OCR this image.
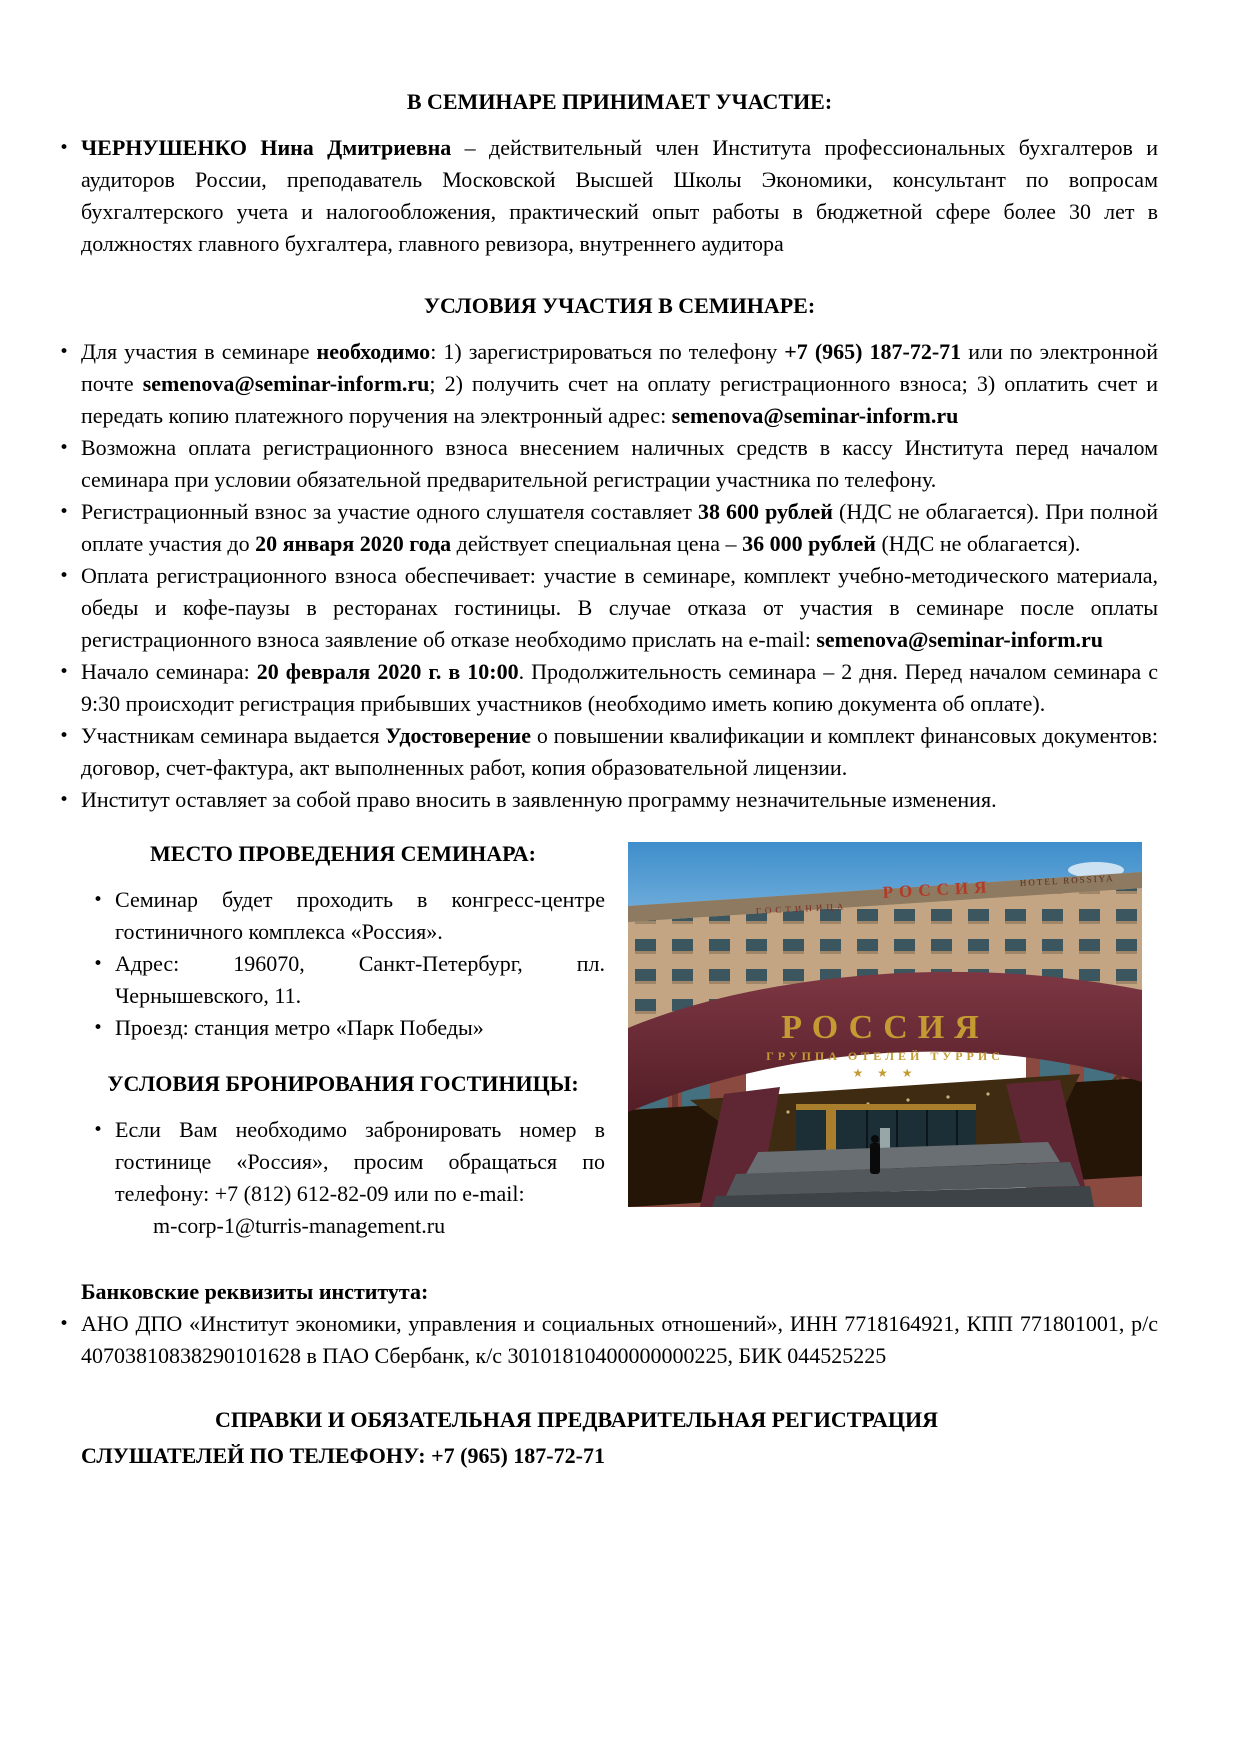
В СЕМИНАРЕ ПРИНИМАЕТ УЧАСТИЕ:
• ЧЕРНУШЕНКО Нина Дмитриевна – действительный член Института профессиональных бухгалтеров и аудиторов России, преподаватель Московской Высшей Школы Экономики, консультант по вопросам бухгалтерского учета и налогообложения, практический опыт работы в бюджетной сфере более 30 лет в должностях главного бухгалтера, главного ревизора, внутреннего аудитора
УСЛОВИЯ УЧАСТИЯ В СЕМИНАРЕ:
• Для участия в семинаре необходимо: 1) зарегистрироваться по телефону +7 (965) 187-72-71 или по электронной почте semenova@seminar-inform.ru; 2) получить счет на оплату регистрационного взноса; 3) оплатить счет и передать копию платежного поручения на электронный адрес: semenova@seminar-inform.ru
• Возможна оплата регистрационного взноса внесением наличных средств в кассу Института перед началом семинара при условии обязательной предварительной регистрации участника по телефону.
• Регистрационный взнос за участие одного слушателя составляет 38 600 рублей (НДС не облагается). При полной оплате участия до 20 января 2020 года действует специальная цена – 36 000 рублей (НДС не облагается).
• Оплата регистрационного взноса обеспечивает: участие в семинаре, комплект учебно-методического материала, обеды и кофе-паузы в ресторанах гостиницы. В случае отказа от участия в семинаре после оплаты регистрационного взноса заявление об отказе необходимо прислать на e-mail: semenova@seminar-inform.ru
• Начало семинара: 20 февраля 2020 г. в 10:00. Продолжительность семинара – 2 дня. Перед началом семинара с 9:30 происходит регистрация прибывших участников (необходимо иметь копию документа об оплате).
• Участникам семинара выдается Удостоверение о повышении квалификации и комплект финансовых документов: договор, счет-фактура, акт выполненных работ, копия образовательной лицензии.
• Институт оставляет за собой право вносить в заявленную программу незначительные изменения.
МЕСТО ПРОВЕДЕНИЯ СЕМИНАРА:
• Семинар будет проходить в конгресс-центре гостиничного комплекса «Россия».
• Адрес: 196070, Санкт-Петербург, пл. Чернышевского, 11.
• Проезд: станция метро «Парк Победы»
УСЛОВИЯ БРОНИРОВАНИЯ ГОСТИНИЦЫ:
• Если Вам необходимо забронировать номер в гостинице «Россия», просим обращаться по телефону: +7 (812) 612-82-09 или по e-mail:
m-corp-1@turris-management.ru
ГОСТИНИЦА
РОССИЯ	HOTEL ROSSIYA
РОССИЯ
ГРУППА ОТЕЛЕЙ ТУРРИС
★ ★ ★

Банковские реквизиты института:

• АНО ДПО «Институт экономики, управления и социальных отношений», ИНН 7718164921, КПП 771801001, р/с 40703810838290101628 в ПАО Сбербанк, к/с 30101810400000000225, БИК 044525225
СПРАВКИ И ОБЯЗАТЕЛЬНАЯ ПРЕДВАРИТЕЛЬНАЯ РЕГИСТРАЦИЯ
СЛУШАТЕЛЕЙ ПО ТЕЛЕФОНУ: +7 (965) 187-72-71
